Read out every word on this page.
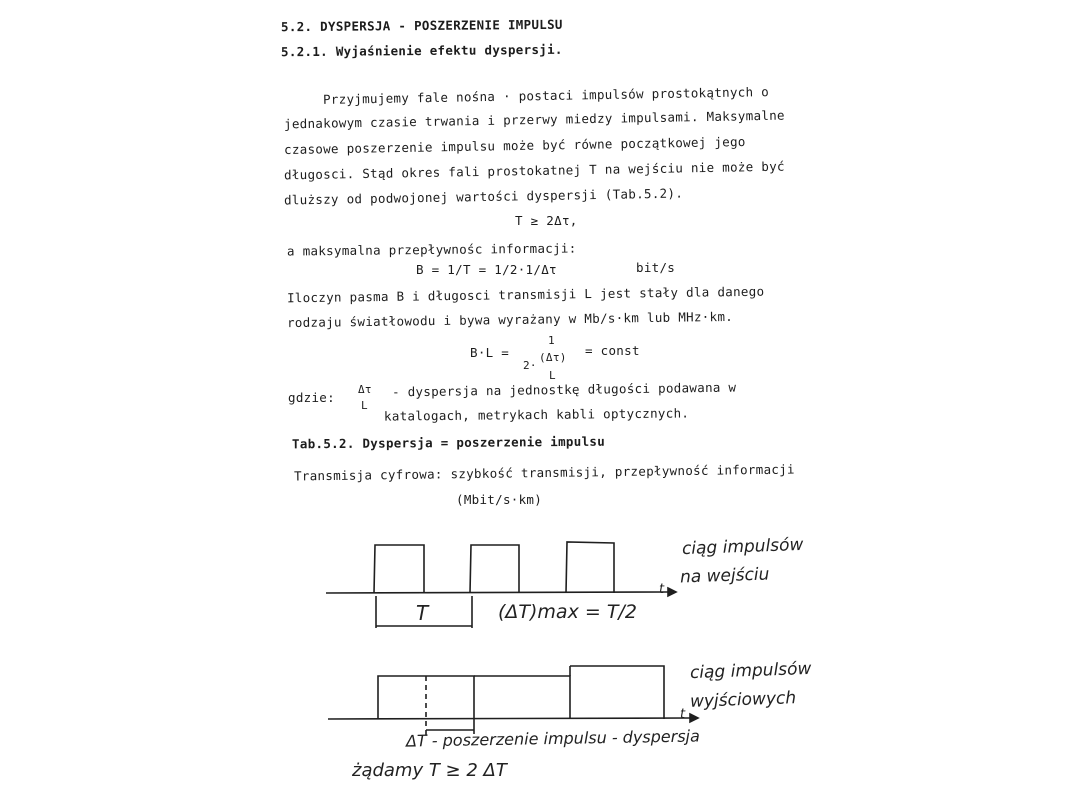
5.2. DYSPERSJA - POSZERZENIE IMPULSU
5.2.1. Wyjaśnienie efektu dyspersji.
Przyjmujemy fale nośna · postaci impulsów prostokątnych o
jednakowym czasie trwania i przerwy miedzy impulsami. Maksymalne
czasowe poszerzenie impulsu może być równe początkowej jego
długosci. Stąd okres fali prostokatnej T na wejściu nie może być
dluższy od podwojonej wartości dyspersji (Tab.5.2).
T ≥ 2Δτ,
a maksymalna przepływnośc informacji:
B = 1/T = 1/2·1/Δτ	bit/s
Iloczyn pasma B i długosci transmisji L jest stały dla danego
rodzaju światłowodu i bywa wyrażany w Mb/s·km lub MHz·km.
B·L =
1
2·
(Δτ)
L
= const
gdzie:
Δτ
L
- dyspersja na jednostkę długości podawana w
katalogach, metrykach kabli optycznych.
Tab.5.2. Dyspersja = poszerzenie impulsu
Transmisja cyfrowa: szybkość transmisji, przepływność informacji
(Mbit/s·km)
ciąg impulsów
na wejściu
t
T	(ΔT)max = T/2
ciąg impulsów
wyjściowych
t
ΔT - poszerzenie impulsu - dyspersja
żądamy T ≥ 2 ΔT
